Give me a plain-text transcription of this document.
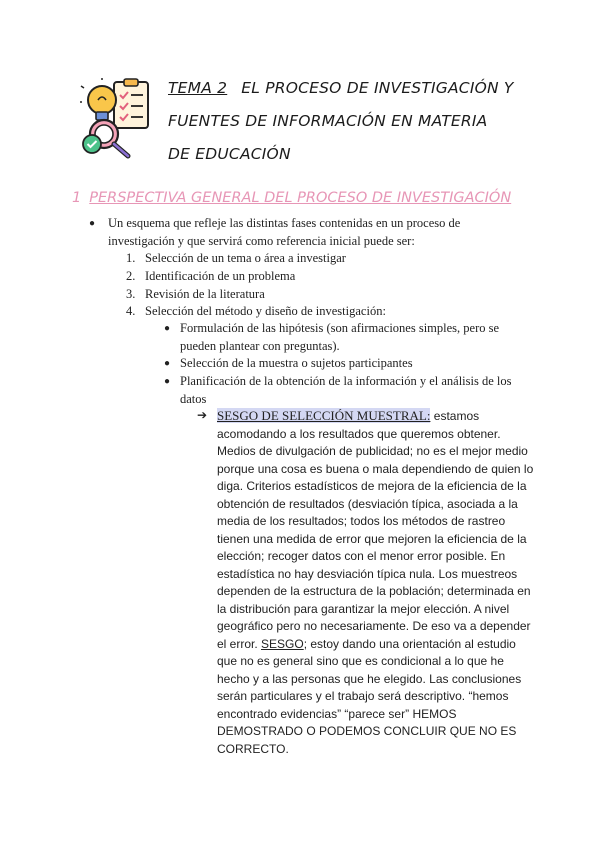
TEMA 2 EL PROCESO DE INVESTIGACIÓN Y
FUENTES DE INFORMACIÓN EN MATERIA
DE EDUCACIÓN
1 PERSPECTIVA GENERAL DEL PROCESO DE INVESTIGACIÓN
● Un esquema que refleje las distintas fases contenidas en un proceso de investigación y que servirá como referencia inicial puede ser:
1. Selección de un tema o área a investigar
2. Identificación de un problema
3. Revisión de la literatura
4. Selección del método y diseño de investigación:
● Formulación de las hipótesis (son afirmaciones simples, pero se pueden plantear con preguntas).
● Selección de la muestra o sujetos participantes
● Planificación de la obtención de la información y el análisis de los datos
➔ SESGO DE SELECCIÓN MUESTRAL: estamos acomodando a los resultados que queremos obtener. Medios de divulgación de publicidad; no es el mejor medio porque una cosa es buena o mala dependiendo de quien lo diga. Criterios estadísticos de mejora de la eficiencia de la obtención de resultados (desviación típica, asociada a la media de los resultados; todos los métodos de rastreo tienen una medida de error que mejoren la eficiencia de la elección; recoger datos con el menor error posible. En estadística no hay desviación típica nula. Los muestreos dependen de la estructura de la población; determinada en la distribución para garantizar la mejor elección. A nivel geográfico pero no necesariamente. De eso va a depender el error. SESGO; estoy dando una orientación al estudio que no es general sino que es condicional a lo que he hecho y a las personas que he elegido. Las conclusiones serán particulares y el trabajo será descriptivo. “hemos encontrado evidencias” “parece ser” HEMOS DEMOSTRADO O PODEMOS CONCLUIR QUE NO ES CORRECTO.
